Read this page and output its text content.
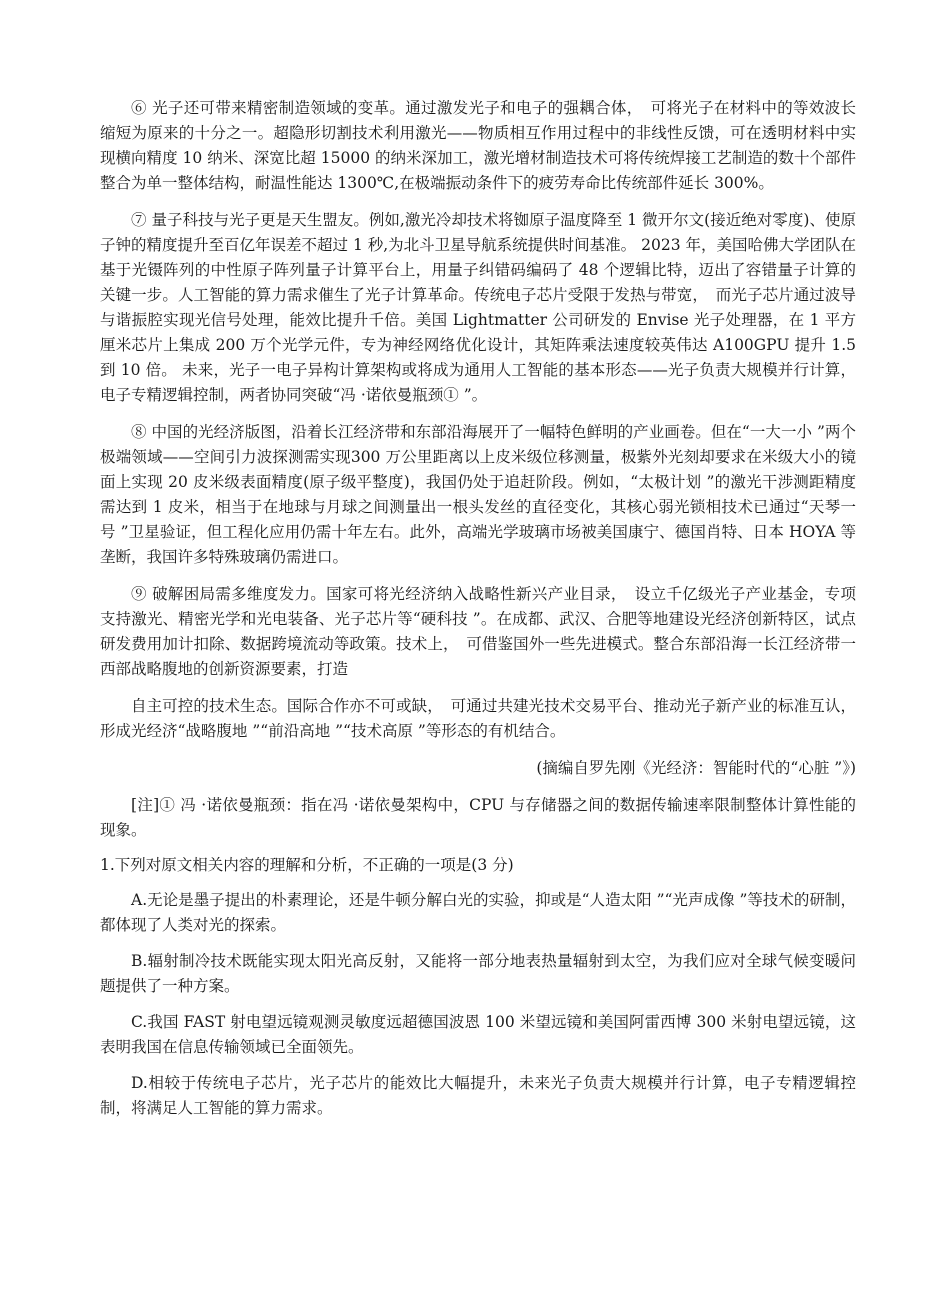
⑥ 光子还可带来精密制造领域的变革。通过激发光子和电子的强耦合体，　可将光子在材料中的等效波长缩短为原来的十分之一。超隐形切割技术利用激光——物质相互作用过程中的非线性反馈，可在透明材料中实现横向精度 10 纳米、深宽比超 15000 的纳米深加工，激光增材制造技术可将传统焊接工艺制造的数十个部件整合为单一整体结构，耐温性能达 1300℃,在极端振动条件下的疲劳寿命比传统部件延长 300%。

⑦ 量子科技与光子更是天生盟友。例如,激光冷却技术将铷原子温度降至 1 微开尔文(接近绝对零度)、使原子钟的精度提升至百亿年误差不超过 1 秒,为北斗卫星导航系统提供时间基准。 2023 年，美国哈佛大学团队在基于光镊阵列的中性原子阵列量子计算平台上，用量子纠错码编码了 48 个逻辑比特，迈出了容错量子计算的关键一步。人工智能的算力需求催生了光子计算革命。传统电子芯片受限于发热与带宽，　而光子芯片通过波导与谐振腔实现光信号处理，能效比提升千倍。美国 Lightmatter 公司研发的 Envise 光子处理器，在 1 平方厘米芯片上集成 200 万个光学元件，专为神经网络优化设计，其矩阵乘法速度较英伟达 A100GPU 提升 1.5 到 10 倍。 未来，光子一电子异构计算架构或将成为通用人工智能的基本形态——光子负责大规模并行计算，电子专精逻辑控制，两者协同突破“冯 ·诺依曼瓶颈① ”。

⑧ 中国的光经济版图，沿着长江经济带和东部沿海展开了一幅特色鲜明的产业画卷。但在“一大一小 ”两个极端领域——空间引力波探测需实现300 万公里距离以上皮米级位移测量，极紫外光刻却要求在米级大小的镜面上实现 20 皮米级表面精度(原子级平整度)，我国仍处于追赶阶段。例如，“太极计划 ”的激光干涉测距精度需达到 1 皮米，相当于在地球与月球之间测量出一根头发丝的直径变化，其核心弱光锁相技术已通过“天琴一号 ”卫星验证，但工程化应用仍需十年左右。此外，高端光学玻璃市场被美国康宁、德国肖特、日本 HOYA 等垄断，我国许多特殊玻璃仍需进口。

⑨ 破解困局需多维度发力。国家可将光经济纳入战略性新兴产业目录，　设立千亿级光子产业基金，专项支持激光、精密光学和光电装备、光子芯片等“硬科技 ”。在成都、武汉、合肥等地建设光经济创新特区，试点研发费用加计扣除、数据跨境流动等政策。技术上，　可借鉴国外一些先进模式。整合东部沿海一长江经济带一西部战略腹地的创新资源要素，打造

自主可控的技术生态。国际合作亦不可或缺，　可通过共建光技术交易平台、推动光子新产业的标准互认，形成光经济“战略腹地 ”“前沿高地 ”“技术高原 ”等形态的有机结合。

(摘编自罗先刚《光经济：智能时代的“心脏 ”》)

[注]① 冯 ·诺依曼瓶颈：指在冯 ·诺依曼架构中，CPU 与存储器之间的数据传输速率限制整体计算性能的现象。

1.下列对原文相关内容的理解和分析，不正确的一项是(3 分)

A.无论是墨子提出的朴素理论，还是牛顿分解白光的实验，抑或是“人造太阳 ”“光声成像 ”等技术的研制，都体现了人类对光的探索。

B.辐射制冷技术既能实现太阳光高反射，又能将一部分地表热量辐射到太空，为我们应对全球气候变暖问题提供了一种方案。

C.我国 FAST 射电望远镜观测灵敏度远超德国波恩 100 米望远镜和美国阿雷西博 300 米射电望远镜，这表明我国在信息传输领域已全面领先。

D.相较于传统电子芯片，光子芯片的能效比大幅提升，未来光子负责大规模并行计算，电子专精逻辑控制，将满足人工智能的算力需求。
